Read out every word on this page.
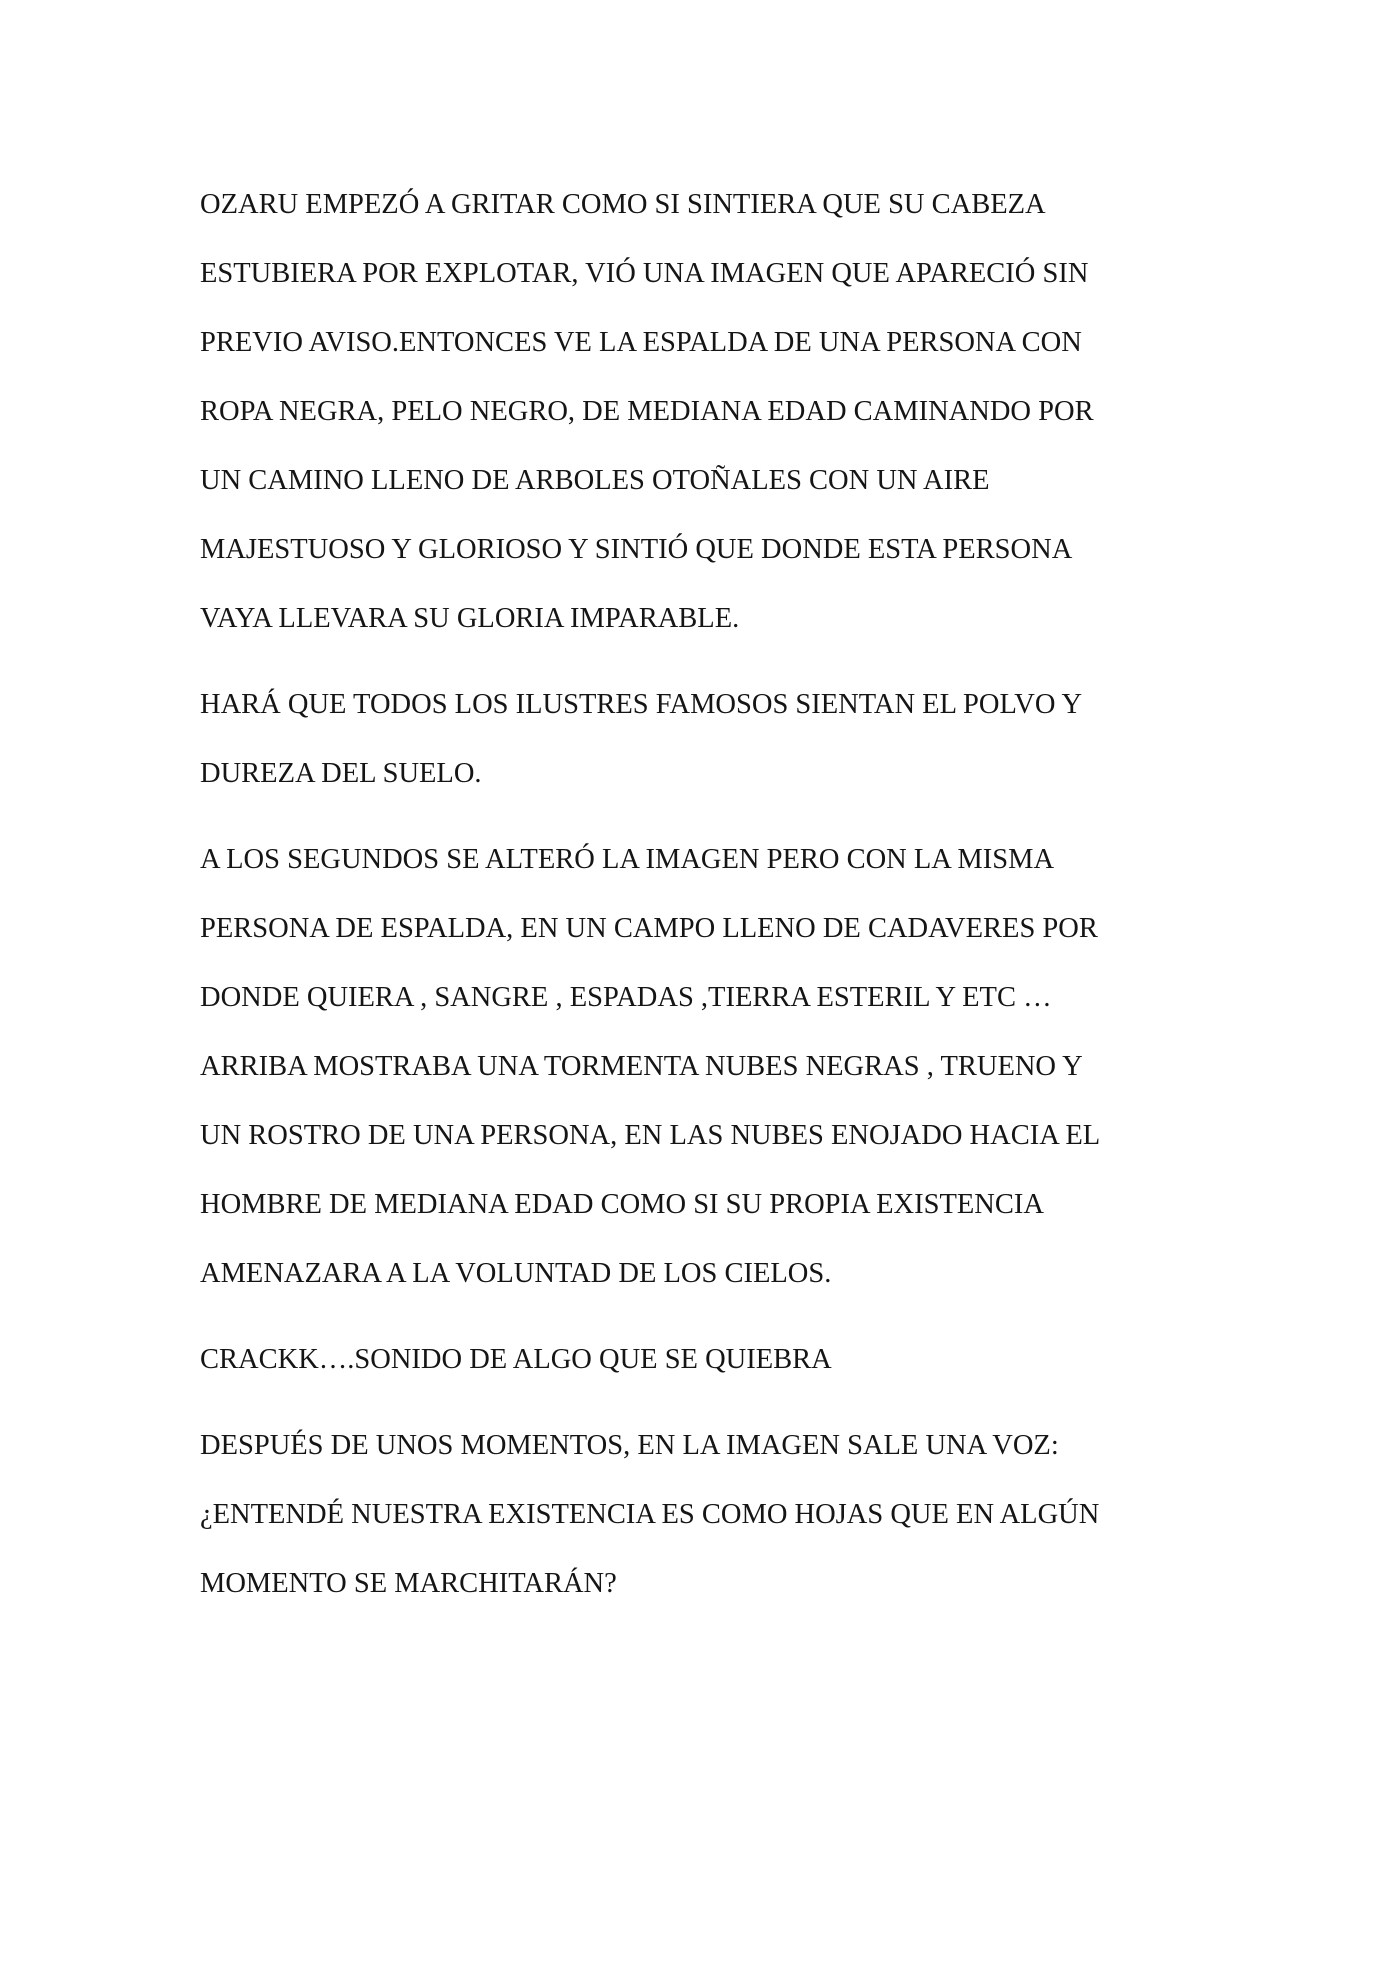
OZARU EMPEZÓ A GRITAR COMO SI SINTIERA QUE SU CABEZA
ESTUBIERA POR EXPLOTAR, VIÓ UNA IMAGEN QUE APARECIÓ SIN
PREVIO AVISO.ENTONCES VE LA ESPALDA DE UNA PERSONA CON
ROPA NEGRA, PELO NEGRO, DE MEDIANA EDAD CAMINANDO POR
UN CAMINO LLENO DE ARBOLES OTOÑALES CON UN AIRE
MAJESTUOSO Y GLORIOSO Y SINTIÓ QUE DONDE ESTA PERSONA
VAYA LLEVARA SU GLORIA IMPARABLE.

HARÁ QUE TODOS LOS ILUSTRES FAMOSOS SIENTAN EL POLVO Y
DUREZA DEL SUELO.

A LOS SEGUNDOS SE ALTERÓ LA IMAGEN PERO CON LA MISMA
PERSONA DE ESPALDA, EN UN CAMPO LLENO DE CADAVERES POR
DONDE QUIERA , SANGRE , ESPADAS ,TIERRA ESTERIL Y ETC …
ARRIBA MOSTRABA UNA TORMENTA NUBES NEGRAS , TRUENO Y
UN ROSTRO DE UNA PERSONA, EN LAS NUBES ENOJADO HACIA EL
HOMBRE DE MEDIANA EDAD COMO SI SU PROPIA EXISTENCIA
AMENAZARA A LA VOLUNTAD DE LOS CIELOS.

CRACKK….SONIDO DE ALGO QUE SE QUIEBRA

DESPUÉS DE UNOS MOMENTOS, EN LA IMAGEN SALE UNA VOZ:
¿ENTENDÉ NUESTRA EXISTENCIA ES COMO HOJAS QUE EN ALGÚN
MOMENTO SE MARCHITARÁN?
